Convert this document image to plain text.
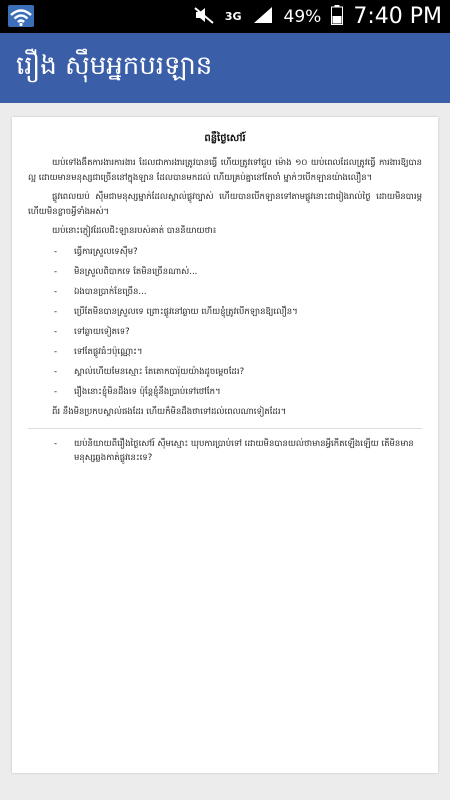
3G 49% 7:40 PM
រឿង ស៊ឹមអ្នកបរឡាន
ពន្លឺថ្ងៃសៅរ៍

យប់ទៅងងឹតការងារការងារ ដែលជាការងារត្រូវបានធ្វើ ហើយត្រូវទៅជួប ម៉ោង ១០ យប់ពេលដែលត្រូវធ្វើ ការងារឱ្យបានល្អ ដោយមានមនុស្សជាច្រើននៅក្នុងឡាន ដែលបានមកដល់ ហើយគ្រប់គ្នានៅតែចាំ ម្នាក់ៗបើកឡានយ៉ាងលឿន។

ផ្លូវពេលយប់ ស៊ឹមជាមនុស្សម្នាក់ដែលស្គាល់ផ្លូវច្បាស់ ហើយបានបើកឡានទៅតាមផ្លូវនោះជារៀងរាល់ថ្ងៃ ដោយមិនបារម្ភ ហើយមិនខ្លាចអ្វីទាំងអស់។

យប់នោះភ្ញៀវដែលជិះឡានរបស់គាត់ បាននិយាយថា៖

- ធ្វើការស្រួលទេស៊ឹម?
- មិនស្រួលពិបាកទេ តែមិនច្រើនណាស់...
- ឯងបានប្រាក់ខែច្រើន...
- ប្រើតែមិនបានស្រួលទេ ព្រោះផ្លូវនៅឆ្ងាយ ហើយខ្ញុំត្រូវបើកឡានឱ្យលឿន។
- ទៅឆ្ងាយទៀតទេ?
- ទៅតែផ្លូវធំៗប៉ុណ្ណោះ។
- ស្គាល់ហើយមែនស្មោះ តែតោកបារ៉ុយយ៉ាងដូចម្ដេចដែរ?
- រឿងនោះខ្ញុំមិនដឹងទេ ប៉ុន្តែខ្ញុំនឹងប្រាប់ទៅថៅកែ។

ពីរ នឹងមិនប្រកបស្គាល់ផងដែរ ហើយក៏មិនដឹងថាទៅដល់ពេលណាទៀតដែរ។

- យប់និយាយពីរឿងថ្ងៃសៅរ៍ ស៊ឹមស្មោះ ឃុបការប្រាប់ទៅ ដោយមិនបានយល់ថាមានអ្វីកើតឡើងឡើយ តើមិនមានមនុស្សឆ្លងកាត់ផ្លូវនេះទេ?
